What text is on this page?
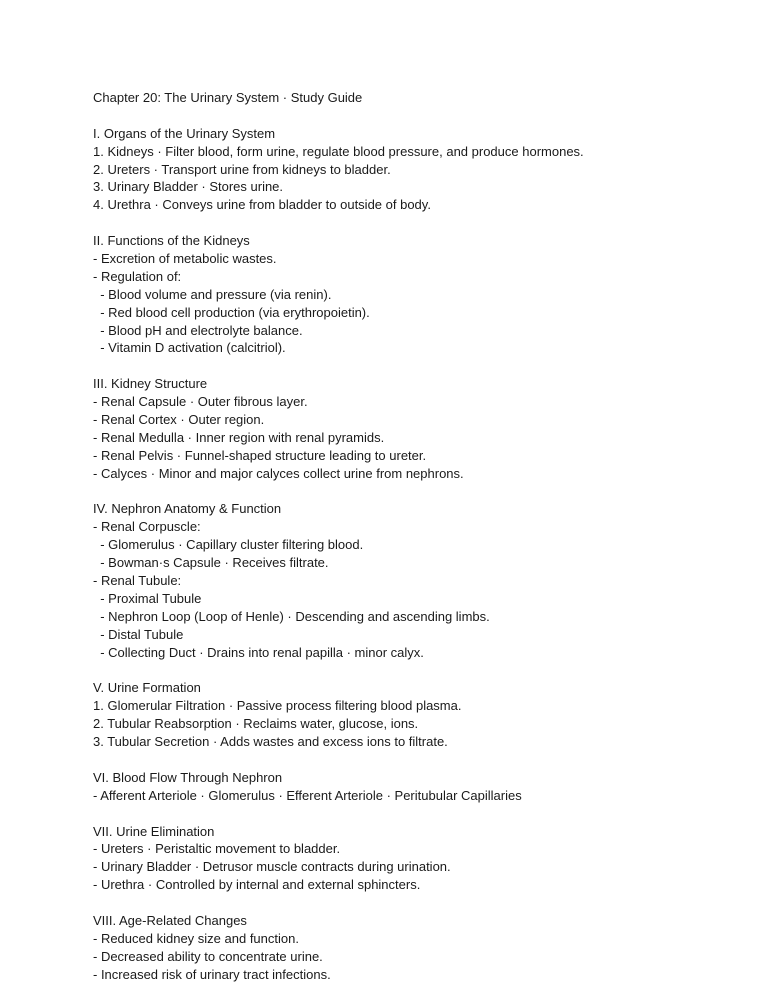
Chapter 20: The Urinary System · Study Guide
I. Organs of the Urinary System
1. Kidneys · Filter blood, form urine, regulate blood pressure, and produce hormones.
2. Ureters · Transport urine from kidneys to bladder.
3. Urinary Bladder · Stores urine.
4. Urethra · Conveys urine from bladder to outside of body.
II. Functions of the Kidneys
- Excretion of metabolic wastes.
- Regulation of:
- Blood volume and pressure (via renin).
- Red blood cell production (via erythropoietin).
- Blood pH and electrolyte balance.
- Vitamin D activation (calcitriol).
III. Kidney Structure
- Renal Capsule · Outer fibrous layer.
- Renal Cortex · Outer region.
- Renal Medulla · Inner region with renal pyramids.
- Renal Pelvis · Funnel-shaped structure leading to ureter.
- Calyces · Minor and major calyces collect urine from nephrons.
IV. Nephron Anatomy & Function
- Renal Corpuscle:
- Glomerulus · Capillary cluster filtering blood.
- Bowman·s Capsule · Receives filtrate.
- Renal Tubule:
- Proximal Tubule
- Nephron Loop (Loop of Henle) · Descending and ascending limbs.
- Distal Tubule
- Collecting Duct · Drains into renal papilla · minor calyx.
V. Urine Formation
1. Glomerular Filtration · Passive process filtering blood plasma.
2. Tubular Reabsorption · Reclaims water, glucose, ions.
3. Tubular Secretion · Adds wastes and excess ions to filtrate.
VI. Blood Flow Through Nephron
- Afferent Arteriole · Glomerulus · Efferent Arteriole · Peritubular Capillaries
VII. Urine Elimination
- Ureters · Peristaltic movement to bladder.
- Urinary Bladder · Detrusor muscle contracts during urination.
- Urethra · Controlled by internal and external sphincters.
VIII. Age-Related Changes
- Reduced kidney size and function.
- Decreased ability to concentrate urine.
- Increased risk of urinary tract infections.
